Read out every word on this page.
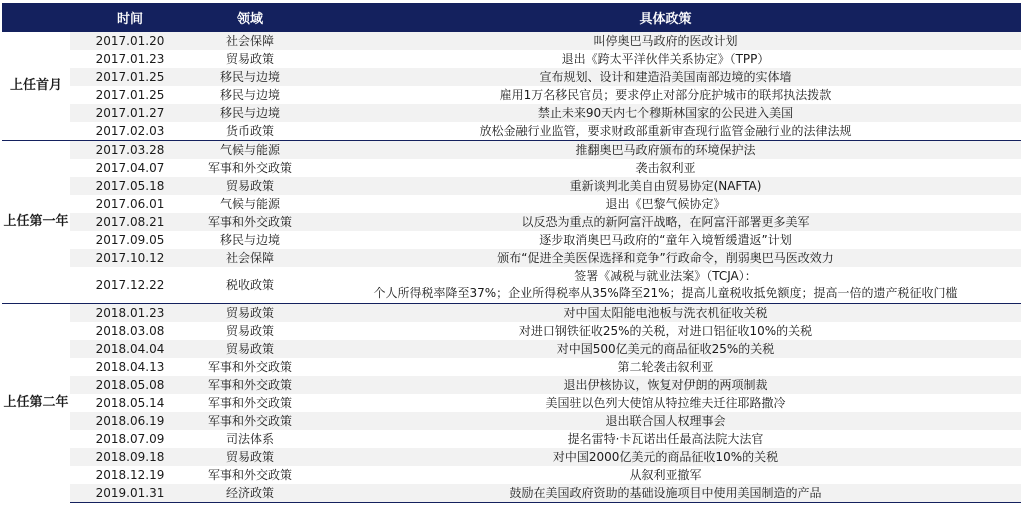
	时间	领域	具体政策
上任首月	2017.01.20	社会保障	叫停奥巴马政府的医改计划
	2017.01.23	贸易政策	退出《跨太平洋伙伴关系协定》（TPP）
	2017.01.25	移民与边境	宣布规划、设计和建造沿美国南部边境的实体墙
	2017.01.25	移民与边境	雇用1万名移民官员；要求停止对部分庇护城市的联邦执法拨款
	2017.01.27	移民与边境	禁止未来90天内七个穆斯林国家的公民进入美国
	2017.02.03	货币政策	放松金融行业监管，要求财政部重新审查现行监管金融行业的法律法规
上任第一年	2017.03.28	气候与能源	推翻奥巴马政府颁布的环境保护法
	2017.04.07	军事和外交政策	袭击叙利亚
	2017.05.18	贸易政策	重新谈判北美自由贸易协定(NAFTA)
	2017.06.01	气候与能源	退出《巴黎气候协定》
	2017.08.21	军事和外交政策	以反恐为重点的新阿富汗战略，在阿富汗部署更多美军
	2017.09.05	移民与边境	逐步取消奥巴马政府的“童年入境暂缓遣返”计划
	2017.10.12	社会保障	颁布“促进全美医保选择和竞争”行政命令，削弱奥巴马医改效力
	2017.12.22	税收政策	签署《减税与就业法案》（TCJA）：
个人所得税率降至37%；企业所得税率从35%降至21%；提高儿童税收抵免额度；提高一倍的遗产税征收门槛

上任第二年	2018.01.23	贸易政策	对中国太阳能电池板与洗衣机征收关税
	2018.03.08	贸易政策	对进口钢铁征收25%的关税，对进口铝征收10%的关税
	2018.04.04	贸易政策	对中国500亿美元的商品征收25%的关税
	2018.04.13	军事和外交政策	第二轮袭击叙利亚
	2018.05.08	军事和外交政策	退出伊核协议，恢复对伊朗的两项制裁
	2018.05.14	军事和外交政策	美国驻以色列大使馆从特拉维夫迁往耶路撒冷
	2018.06.19	军事和外交政策	退出联合国人权理事会
	2018.07.09	司法体系	提名雷特·卡瓦诺出任最高法院大法官
	2018.09.18	贸易政策	对中国2000亿美元的商品征收10%的关税
	2018.12.19	军事和外交政策	从叙利亚撤军
	2019.01.31	经济政策	鼓励在美国政府资助的基础设施项目中使用美国制造的产品
